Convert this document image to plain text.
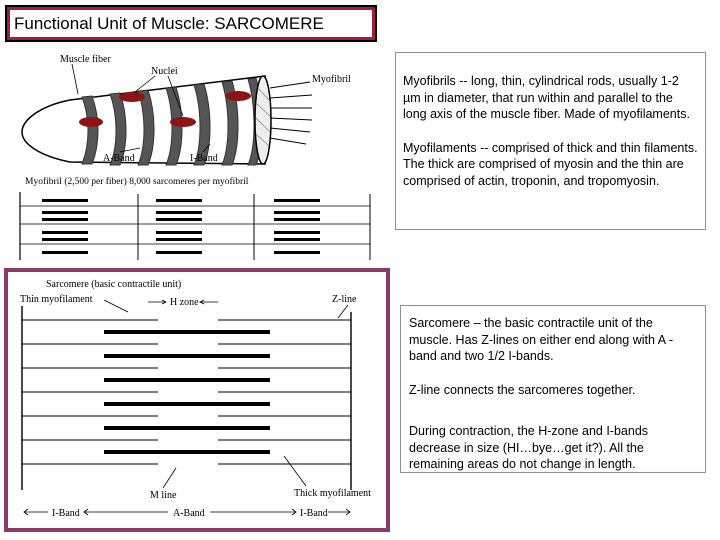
Functional Unit of Muscle: SARCOMERE
Muscle fiber
Nuclei
Myofibril
A-Band	I-Band
Myofibril (2,500 per fiber) 8,000 sarcomeres per myofibril
Sarcomere (basic contractile unit)
Thin myofilament	H zone	Z-line
M line	Thick myofilament
I-Band	A-Band	I-Band

Myofibrils -- long, thin, cylindrical rods, usually 1-2 µm in diameter, that run within and parallel to the long axis of the muscle fiber. Made of myofilaments.

Myofilaments -- comprised of thick and thin filaments. The thick are comprised of myosin and the thin are comprised of actin, troponin, and tropomyosin.

Sarcomere – the basic contractile unit of the muscle. Has Z-lines on either end along with A -band and two 1/2 I-bands.

Z-line connects the sarcomeres together.

During contraction, the H-zone and I-bands decrease in size (HI…bye…get it?). All the remaining areas do not change in length.
